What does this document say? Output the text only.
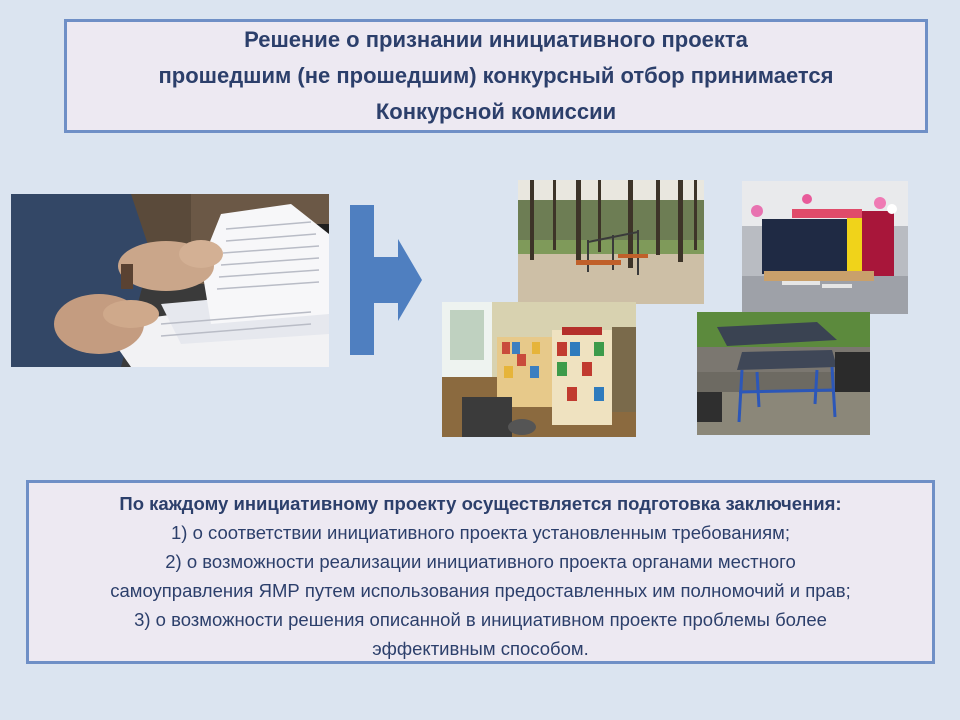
Решение о признании инициативного проекта
прошедшим (не прошедшим) конкурсный отбор принимается
Конкурсной комиссии
По каждому инициативному проекту осуществляется подготовка заключения:
1) о соответствии инициативного проекта установленным требованиям;
2) о возможности реализации инициативного проекта органами местного
самоуправления ЯМР путем использования предоставленных им полномочий и прав;
3) о возможности решения описанной в инициативном проекте проблемы более
эффективным способом.
